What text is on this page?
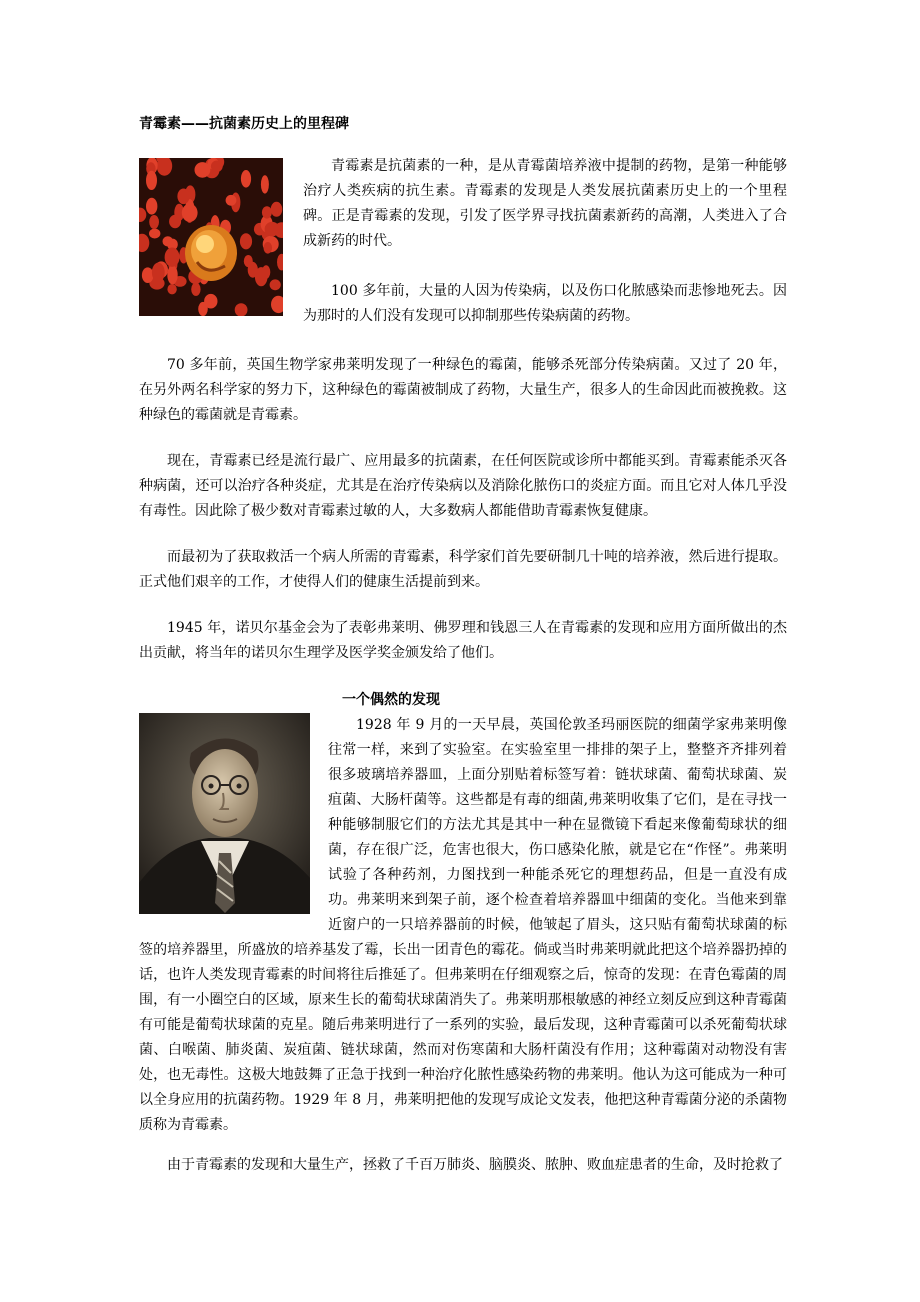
青霉素——抗菌素历史上的里程碑

青霉素是抗菌素的一种，是从青霉菌培养液中提制的药物，是第一种能够治疗人类疾病的抗生素。青霉素的发现是人类发展抗菌素历史上的一个里程碑。正是青霉素的发现，引发了医学界寻找抗菌素新药的高潮，人类进入了合成新药的时代。

100 多年前，大量的人因为传染病，以及伤口化脓感染而悲惨地死去。因为那时的人们没有发现可以抑制那些传染病菌的药物。

70 多年前，英国生物学家弗莱明发现了一种绿色的霉菌，能够杀死部分传染病菌。又过了 20 年，在另外两名科学家的努力下，这种绿色的霉菌被制成了药物，大量生产，很多人的生命因此而被挽救。这种绿色的霉菌就是青霉素。

现在，青霉素已经是流行最广、应用最多的抗菌素，在任何医院或诊所中都能买到。青霉素能杀灭各种病菌，还可以治疗各种炎症，尤其是在治疗传染病以及消除化脓伤口的炎症方面。而且它对人体几乎没有毒性。因此除了极少数对青霉素过敏的人，大多数病人都能借助青霉素恢复健康。

而最初为了获取救活一个病人所需的青霉素，科学家们首先要研制几十吨的培养液，然后进行提取。正式他们艰辛的工作，才使得人们的健康生活提前到来。

1945 年，诺贝尔基金会为了表彰弗莱明、佛罗理和钱恩三人在青霉素的发现和应用方面所做出的杰出贡献，将当年的诺贝尔生理学及医学奖金颁发给了他们。

一个偶然的发现

1928 年 9 月的一天早晨，英国伦敦圣玛丽医院的细菌学家弗莱明像往常一样，来到了实验室。在实验室里一排排的架子上，整整齐齐排列着很多玻璃培养器皿，上面分别贴着标签写着：链状球菌、葡萄状球菌、炭疽菌、大肠杆菌等。这些都是有毒的细菌,弗莱明收集了它们，是在寻找一种能够制服它们的方法尤其是其中一种在显微镜下看起来像葡萄球状的细菌，存在很广泛，危害也很大，伤口感染化脓，就是它在“作怪”。弗莱明试验了各种药剂，力图找到一种能杀死它的理想药品，但是一直没有成功。弗莱明来到架子前，逐个检查着培养器皿中细菌的变化。当他来到靠近窗户的一只培养器前的时候，他皱起了眉头，这只贴有葡萄状球菌的标签的培养器里，所盛放的培养基发了霉，长出一团青色的霉花。倘或当时弗莱明就此把这个培养器扔掉的话，也许人类发现青霉素的时间将往后推延了。但弗莱明在仔细观察之后，惊奇的发现：在青色霉菌的周围，有一小圈空白的区域，原来生长的葡萄状球菌消失了。弗莱明那根敏感的神经立刻反应到这种青霉菌有可能是葡萄状球菌的克星。随后弗莱明进行了一系列的实验，最后发现，这种青霉菌可以杀死葡萄状球菌、白喉菌、肺炎菌、炭疽菌、链状球菌，然而对伤寒菌和大肠杆菌没有作用；这种霉菌对动物没有害处，也无毒性。这极大地鼓舞了正急于找到一种治疗化脓性感染药物的弗莱明。他认为这可能成为一种可以全身应用的抗菌药物。1929 年 8 月，弗莱明把他的发现写成论文发表，他把这种青霉菌分泌的杀菌物质称为青霉素。

由于青霉素的发现和大量生产，拯救了千百万肺炎、脑膜炎、脓肿、败血症患者的生命，及时抢救了
